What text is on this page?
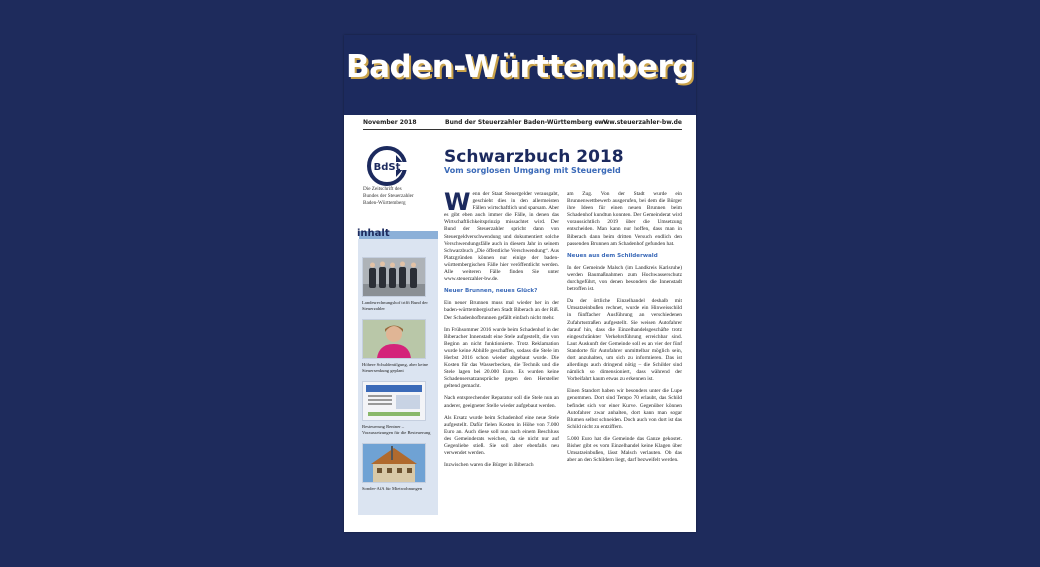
Baden-Württemberg
November 2018	Bund der Steuerzahler Baden-Württemberg e. V.
www.steuerzahler-bw.de
BdSt
Die Zeitschrift des
Bundes der Steuerzahler
Baden-Württemberg
inhalt
Landesrechnungshof trifft Bund der Steuerzahler
Höhere Schuldentilgung, aber keine Steuersenkung geplant
Besteuerung Rentner – Voraussetzungen für die Besteuerung
Sonder-AfA für Mietwohnungen
Schwarzbuch 2018
Vom sorglosen Umgang mit Steuergeld

Wenn der Staat Steuergelder verausgabt, geschieht dies in den allermeisten Fällen wirtschaftlich und sparsam. Aber es gibt eben auch immer die Fälle, in denen das Wirtschaftlichkeitsprinzip missachtet wird. Der Bund der Steuerzahler spricht dann von Steuergeldverschwendung und dokumentiert solche Verschwendungsfälle auch in diesem Jahr in seinem Schwarzbuch „Die öffentliche Verschwendung“. Aus Platzgründen können nur einige der baden-württembergischen Fälle hier veröffentlicht werden. Alle weiteren Fälle finden Sie unter www.steuerzahler-bw.de.

Neuer Brunnen, neues Glück?

Ein neuer Brunnen muss mal wieder her in der baden-württembergischen Stadt Biberach an der Riß. Der Schadenhofbrunnen gefällt einfach nicht mehr.

Im Frühsommer 2016 wurde beim Schadenhof in der Biberacher Innenstadt eine Stele aufgestellt, die von Beginn an nicht funktionierte. Trotz Reklamation wurde keine Abhilfe geschaffen, sodass die Stele im Herbst 2016 schon wieder abgebaut wurde. Die Kosten für das Wasserbecken, die Technik und die Stele lagen bei 20.000 Euro. Es wurden keine Schadensersatzansprüche gegen den Hersteller geltend gemacht.

Nach entsprechender Reparatur soll die Stele nun an anderer, geeigneter Stelle wieder aufgebaut werden.

Als Ersatz wurde beim Schadenhof eine neue Stele aufgestellt. Dafür fielen Kosten in Höhe von 7.000 Euro an. Auch diese soll nun nach einem Beschluss des Gemeinderats weichen, da sie nicht nur auf Gegenliebe stieß. Sie soll aber ebenfalls neu verwendet werden.

Inzwischen waren die Bürger in Biberach

am Zug. Von der Stadt wurde ein Brunnenwettbewerb ausgerufen, bei dem die Bürger ihre Ideen für einen neuen Brunnen beim Schadenhof kundtun konnten. Der Gemeinderat wird voraussichtlich 2019 über die Umsetzung entscheiden. Man kann nur hoffen, dass man in Biberach dann beim dritten Versuch endlich den passenden Brunnen am Schadenhof gefunden hat.

Neues aus dem Schilderwald

In der Gemeinde Malsch (im Landkreis Karlsruhe) werden Baumaßnahmen zum Hochwasserschutz durchgeführt, von denen besonders die Innenstadt betroffen ist.

Da der örtliche Einzelhandel deshalb mit Umsatzeinbußen rechnet, wurde ein Hinweisschild in fünffacher Ausführung an verschiedenen Zufahrtsstraßen aufgestellt. Sie weisen Autofahrer darauf hin, dass die Einzelhandelsgeschäfte trotz eingeschränkter Verkehrsführung erreichbar sind. Laut Auskunft der Gemeinde soll es an vier der fünf Standorte für Autofahrer unmittelbar möglich sein, dort anzuhalten, um sich zu informieren. Das ist allerdings auch dringend nötig – die Schilder sind nämlich so dimensioniert, dass während der Vorbeifahrt kaum etwas zu erkennen ist.

Einen Standort haben wir besonders unter die Lupe genommen. Dort sind Tempo 70 erlaubt, das Schild befindet sich vor einer Kurve. Gegenüber können Autofahrer zwar anhalten, dort kann man sogar Blumen selbst schneiden. Doch auch von dort ist das Schild nicht zu entziffern.

5.000 Euro hat die Gemeinde das Ganze gekostet. Bisher gibt es vom Einzelhandel keine Klagen über Umsatzeinbußen, lässt Malsch verlauten. Ob das aber an den Schildern liegt, darf bezweifelt werden.
